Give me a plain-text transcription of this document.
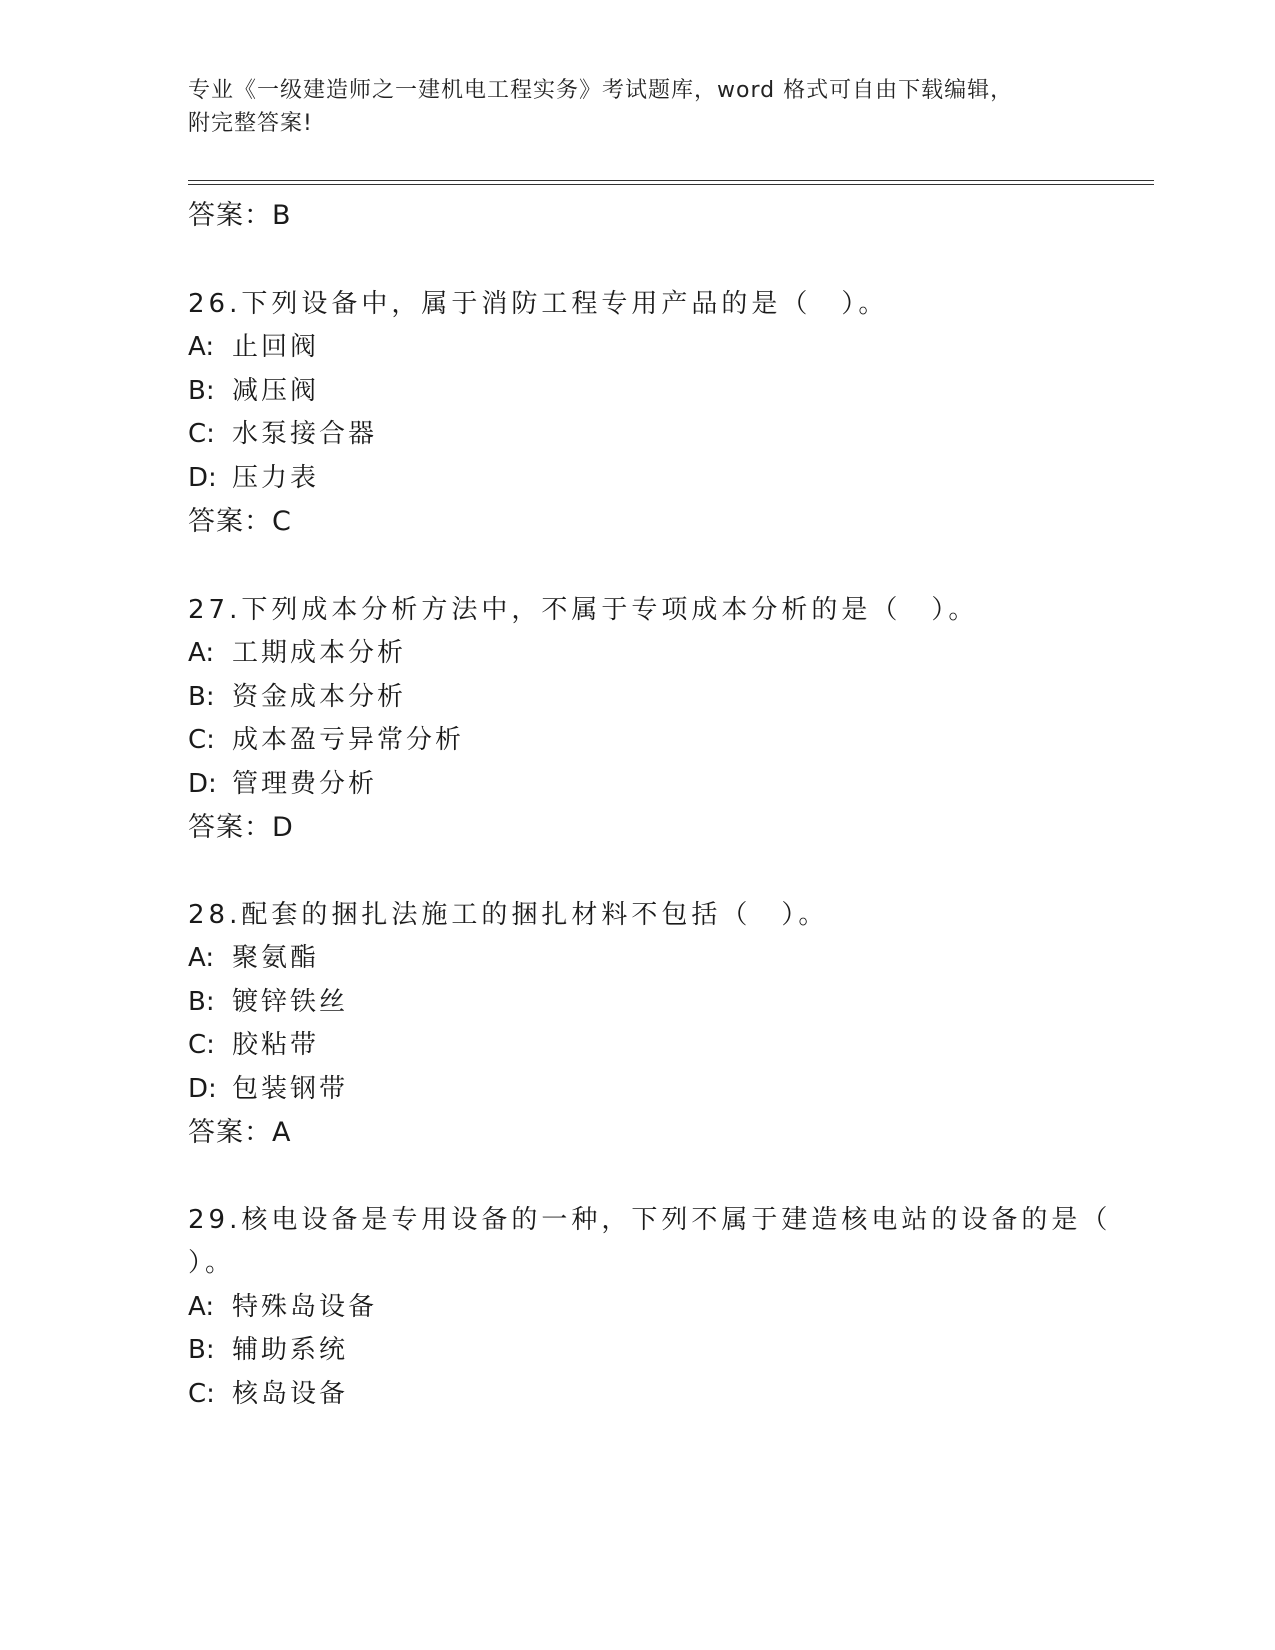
专业《一级建造师之一建机电工程实务》考试题库，word 格式可自由下载编辑，
附完整答案!
答案：B
26.下列设备中，属于消防工程专用产品的是（　）。
A: 止回阀
B: 减压阀
C: 水泵接合器
D: 压力表
答案：C
27.下列成本分析方法中，不属于专项成本分析的是（　）。
A: 工期成本分析
B: 资金成本分析
C: 成本盈亏异常分析
D: 管理费分析
答案：D
28.配套的捆扎法施工的捆扎材料不包括（　）。
A: 聚氨酯
B: 镀锌铁丝
C: 胶粘带
D: 包装钢带
答案：A
29.核电设备是专用设备的一种，下列不属于建造核电站的设备的是（
）。
A: 特殊岛设备
B: 辅助系统
C: 核岛设备
